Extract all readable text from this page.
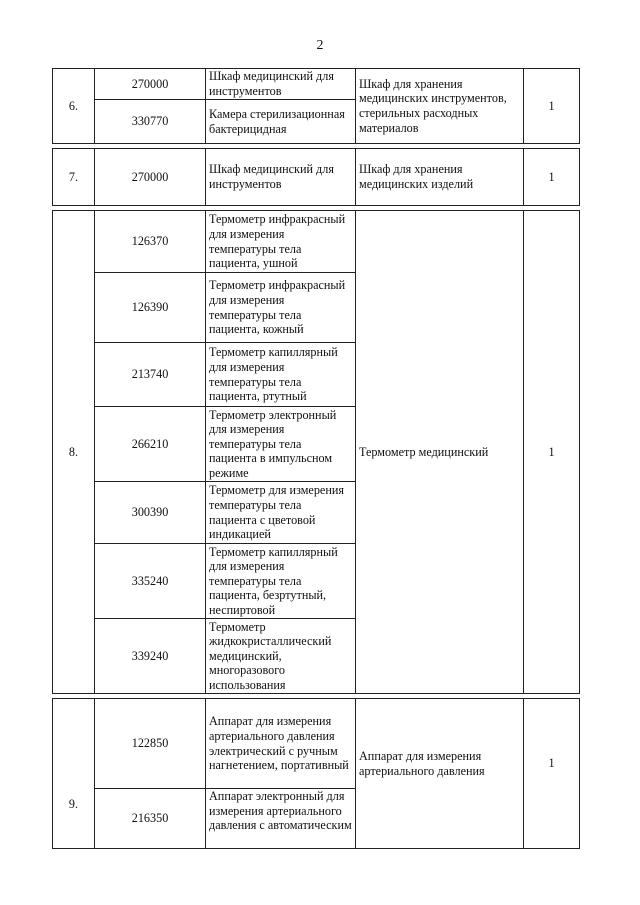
2
6.	270000	Шкаф медицинский для инструментов	Шкаф для хранения медицинских инструментов, стерильных расходных материалов	1
	330770	Камера стерилизационная бактерицидная		

7.	270000	Шкаф медицинский для инструментов	Шкаф для хранения медицинских изделий	1

8.	126370	Термометр инфракрасный для измерения температуры тела пациента, ушной	Термометр медицинский	1
	126390	Термометр инфракрасный для измерения температуры тела пациента, кожный		
	213740	Термометр капиллярный для измерения температуры тела пациента, ртутный		
	266210	Термометр электронный для измерения температуры тела пациента в импульсном режиме		
	300390	Термометр для измерения температуры тела пациента с цветовой индикацией		
	335240	Термометр капиллярный для измерения температуры тела пациента, безртутный, неспиртовой		
	339240	Термометр жидкокристаллический медицинский, многоразового использования		

9.	122850	Аппарат для измерения артериального давления электрический с ручным нагнетением, портативный	Аппарат для измерения артериального давления	1
	216350	Аппарат электронный для измерения артериального давления с автоматическим		
